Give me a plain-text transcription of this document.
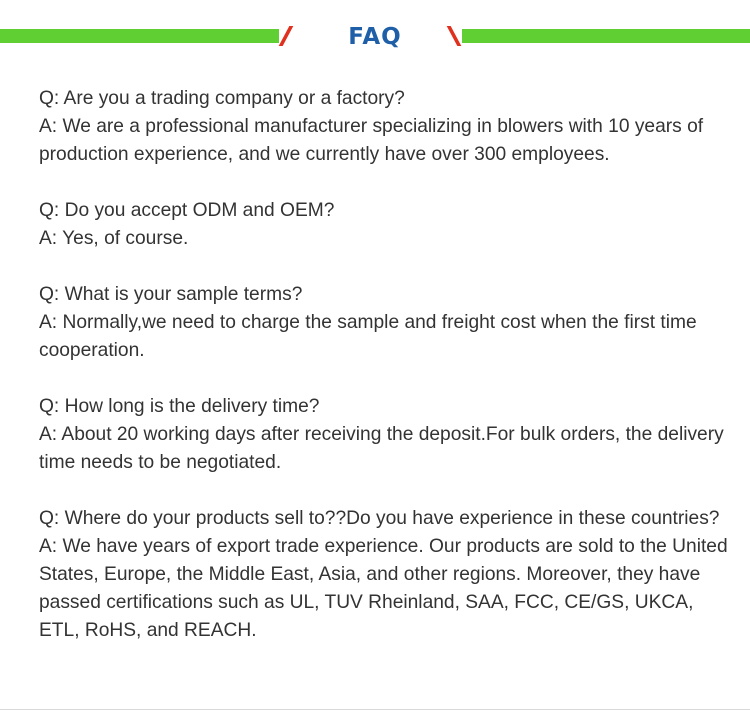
FAQ
Q: Are you a trading company or a factory?
A: We are a professional manufacturer specializing in blowers with 10 years of production experience, and we currently have over 300 employees.
Q: Do you accept ODM and OEM?
A: Yes, of course.
Q: What is your sample terms?
A: Normally,we need to charge the sample and freight cost when the first time cooperation.
Q: How long is the delivery time?
A: About 20 working days after receiving the deposit.For bulk orders, the delivery time needs to be negotiated.
Q: Where do your products sell to??Do you have experience in these countries?
A: We have years of export trade experience. Our products are sold to the United States, Europe, the Middle East, Asia, and other regions. Moreover, they have passed certifications such as UL, TUV Rheinland, SAA, FCC, CE/GS, UKCA, ETL, RoHS, and REACH.
